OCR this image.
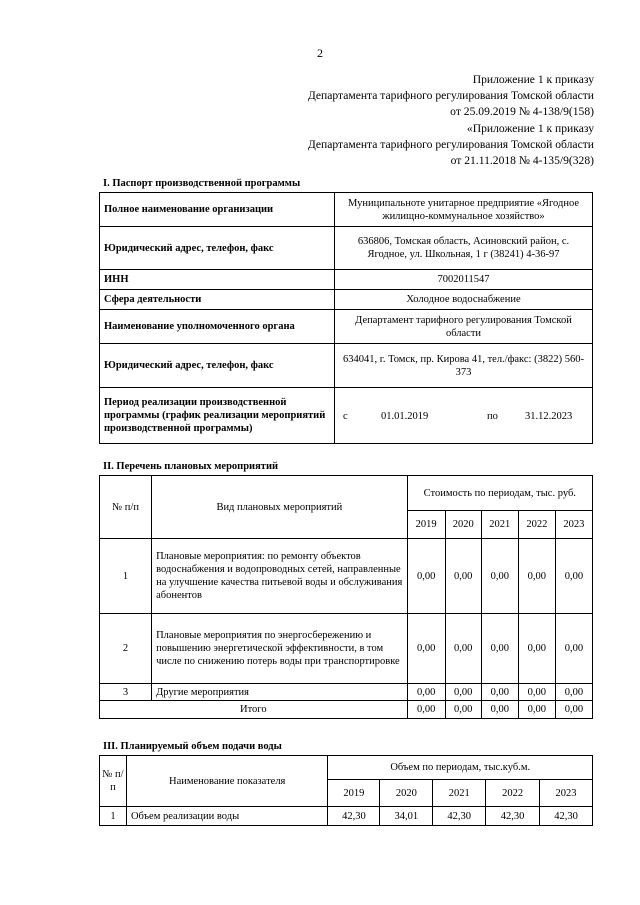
2
Приложение 1 к приказу
Департамента тарифного регулирования Томской области
от 25.09.2019 № 4-138/9(158)
«Приложение 1 к приказу
Департамента тарифного регулирования Томской области
от 21.11.2018 № 4-135/9(328)
I. Паспорт производственной программы
Полное наименование организации	Муниципальноте унитарное предприятие «Ягодное жилищно-коммунальное хозяйство»
Юридический адрес, телефон, факс	636806, Томская область, Асиновский район, с. Ягодное, ул. Школьная, 1 г (38241) 4-36-97
ИНН	7002011547
Сфера деятельности	Холодное водоснабжение
Наименование уполномоченного органа	Департамент тарифного регулирования Томской области
Юридический адрес, телефон, факс	634041, г. Томск, пр. Кирова 41, тел./факс: (3822) 560-373
Период реализации производственной программы (график реализации мероприятий производственной программы)	с 01.01.2019 по 31.12.2023
II. Перечень плановых мероприятий
№ п/п	Вид плановых мероприятий	Стоимость по периодам, тыс. руб.				
		2019	2020	2021	2022	2023
1	Плановые мероприятия: по ремонту объектов водоснабжения и водопроводных сетей, направленные на улучшение качества питьевой воды и обслуживания абонентов	0,00	0,00	0,00	0,00	0,00
2	Плановые мероприятия по энергосбережению и повышению энергетической эффективности, в том числе по снижению потерь воды при транспортировке	0,00	0,00	0,00	0,00	0,00
3	Другие мероприятия	0,00	0,00	0,00	0,00	0,00
Итого		0,00	0,00	0,00	0,00	0,00
III. Планируемый объем подачи воды
№ п/п	Наименование показателя	Объем по периодам, тыс.куб.м.				
		2019	2020	2021	2022	2023
1	Объем реализации воды	42,30	34,01	42,30	42,30	42,30
